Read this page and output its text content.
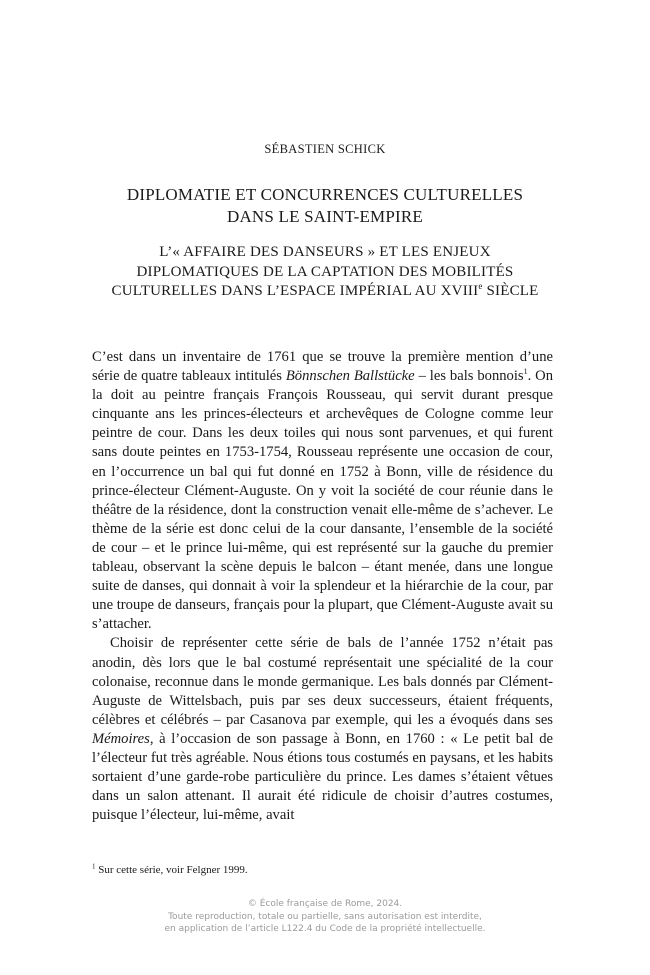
SÉBASTIEN SCHICK
DIPLOMATIE ET CONCURRENCES CULTURELLES
DANS LE SAINT-EMPIRE
L’« AFFAIRE DES DANSEURS » ET LES ENJEUX
DIPLOMATIQUES DE LA CAPTATION DES MOBILITÉS
CULTURELLES DANS L’ESPACE IMPÉRIAL AU XVIIIe SIÈCLE

C’est dans un inventaire de 1761 que se trouve la première mention d’une série de quatre tableaux intitulés Bönnschen Ballstücke – les bals bonnois$^1$. On la doit au peintre français François Rousseau, qui servit durant presque cinquante ans les princes-électeurs et archevêques de Cologne comme leur peintre de cour. Dans les deux toiles qui nous sont parvenues, et qui furent sans doute peintes en 1753-1754, Rousseau représente une occasion de cour, en l’occurrence un bal qui fut donné en 1752 à Bonn, ville de résidence du prince-électeur Clément-Auguste. On y voit la société de cour réunie dans le théâtre de la résidence, dont la construction venait elle-même de s’achever. Le thème de la série est donc celui de la cour dansante, l’ensemble de la société de cour – et le prince lui-même, qui est représenté sur la gauche du premier tableau, observant la scène depuis le balcon – étant menée, dans une longue suite de danses, qui donnait à voir la splendeur et la hiérarchie de la cour, par une troupe de danseurs, français pour la plupart, que Clément-Auguste avait su s’attacher.

Choisir de représenter cette série de bals de l’année 1752 n’était pas anodin, dès lors que le bal costumé représentait une spécialité de la cour colonaise, reconnue dans le monde germanique. Les bals donnés par Clément-Auguste de Wittelsbach, puis par ses deux successeurs, étaient fréquents, célèbres et célébrés – par Casanova par exemple, qui les a évoqués dans ses Mémoires, à l’occasion de son passage à Bonn, en 1760 : « Le petit bal de l’électeur fut très agréable. Nous étions tous costumés en paysans, et les habits sortaient d’une garde-robe particulière du prince. Les dames s’étaient vêtues dans un salon attenant. Il aurait été ridicule de choisir d’autres costumes, puisque l’électeur, lui-même, avait

$^1$ Sur cette série, voir Felgner 1999.
© École française de Rome, 2024.
Toute reproduction, totale ou partielle, sans autorisation est interdite,
en application de l’article L122.4 du Code de la propriété intellectuelle.
